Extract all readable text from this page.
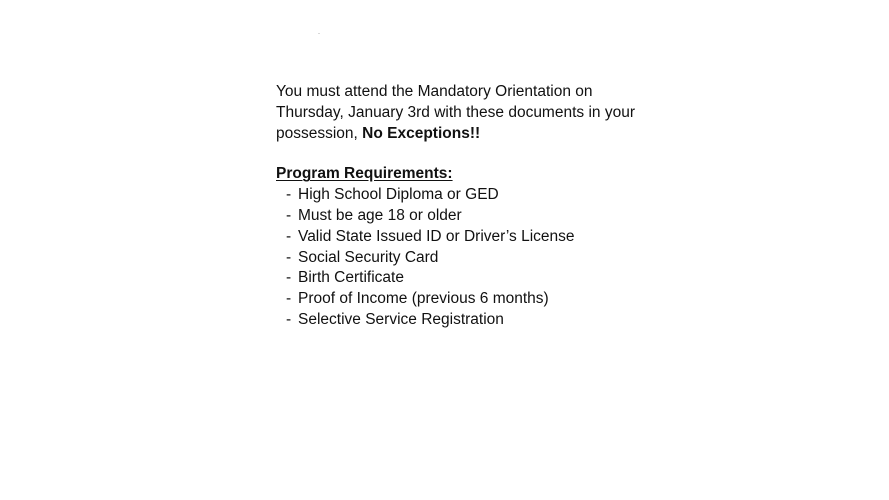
You must attend the Mandatory Orientation on Thursday, January 3rd with these documents in your possession, No Exceptions!!

Program Requirements:
- High School Diploma or GED
- Must be age 18 or older
- Valid State Issued ID or Driver’s License
- Social Security Card
- Birth Certificate
- Proof of Income (previous 6 months)
- Selective Service Registration
